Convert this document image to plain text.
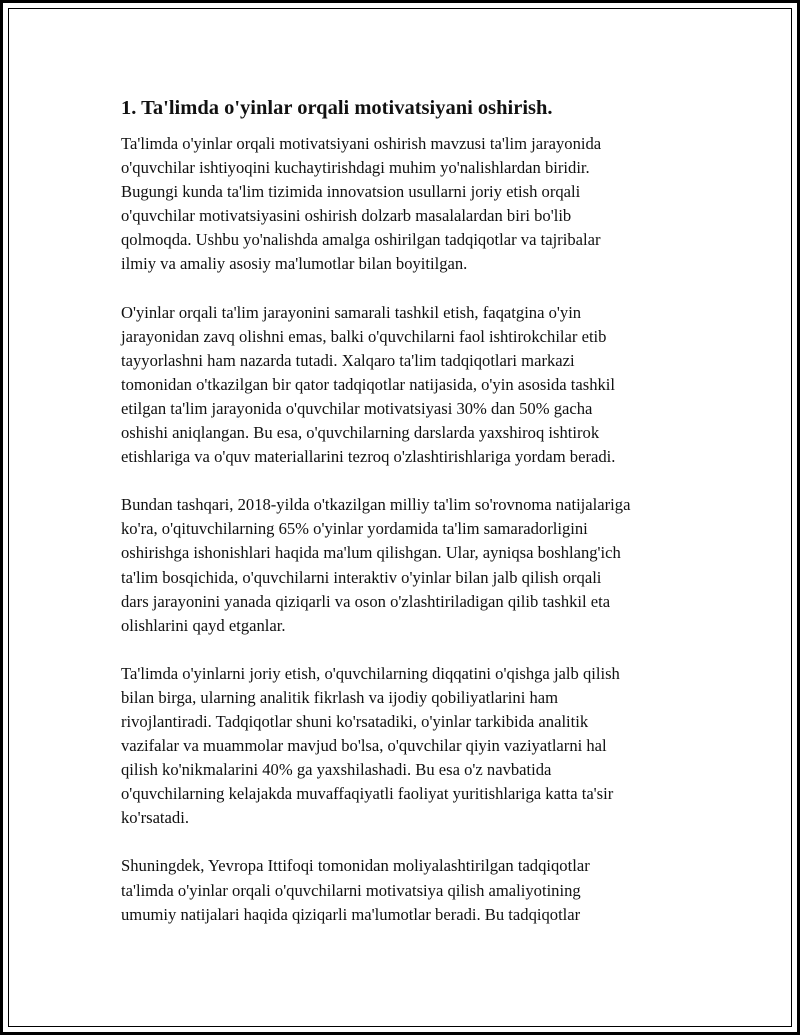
1. Ta'limda o'yinlar orqali motivatsiyani oshirish.
Ta'limda o'yinlar orqali motivatsiyani oshirish mavzusi ta'lim jarayonida
o'quvchilar ishtiyoqini kuchaytirishdagi muhim yo'nalishlardan biridir.
Bugungi kunda ta'lim tizimida innovatsion usullarni joriy etish orqali
o'quvchilar motivatsiyasini oshirish dolzarb masalalardan biri bo'lib
qolmoqda. Ushbu yo'nalishda amalga oshirilgan tadqiqotlar va tajribalar
ilmiy va amaliy asosiy ma'lumotlar bilan boyitilgan.
O'yinlar orqali ta'lim jarayonini samarali tashkil etish, faqatgina o'yin
jarayonidan zavq olishni emas, balki o'quvchilarni faol ishtirokchilar etib
tayyorlashni ham nazarda tutadi. Xalqaro ta'lim tadqiqotlari markazi
tomonidan o'tkazilgan bir qator tadqiqotlar natijasida, o'yin asosida tashkil
etilgan ta'lim jarayonida o'quvchilar motivatsiyasi 30% dan 50% gacha
oshishi aniqlangan. Bu esa, o'quvchilarning darslarda yaxshiroq ishtirok
etishlariga va o'quv materiallarini tezroq o'zlashtirishlariga yordam beradi.
Bundan tashqari, 2018-yilda o'tkazilgan milliy ta'lim so'rovnoma natijalariga
ko'ra, o'qituvchilarning 65% o'yinlar yordamida ta'lim samaradorligini
oshirishga ishonishlari haqida ma'lum qilishgan. Ular, ayniqsa boshlang'ich
ta'lim bosqichida, o'quvchilarni interaktiv o'yinlar bilan jalb qilish orqali
dars jarayonini yanada qiziqarli va oson o'zlashtiriladigan qilib tashkil eta
olishlarini qayd etganlar.
Ta'limda o'yinlarni joriy etish, o'quvchilarning diqqatini o'qishga jalb qilish
bilan birga, ularning analitik fikrlash va ijodiy qobiliyatlarini ham
rivojlantiradi. Tadqiqotlar shuni ko'rsatadiki, o'yinlar tarkibida analitik
vazifalar va muammolar mavjud bo'lsa, o'quvchilar qiyin vaziyatlarni hal
qilish ko'nikmalarini 40% ga yaxshilashadi. Bu esa o'z navbatida
o'quvchilarning kelajakda muvaffaqiyatli faoliyat yuritishlariga katta ta'sir
ko'rsatadi.
Shuningdek, Yevropa Ittifoqi tomonidan moliyalashtirilgan tadqiqotlar
ta'limda o'yinlar orqali o'quvchilarni motivatsiya qilish amaliyotining
umumiy natijalari haqida qiziqarli ma'lumotlar beradi. Bu tadqiqotlar
